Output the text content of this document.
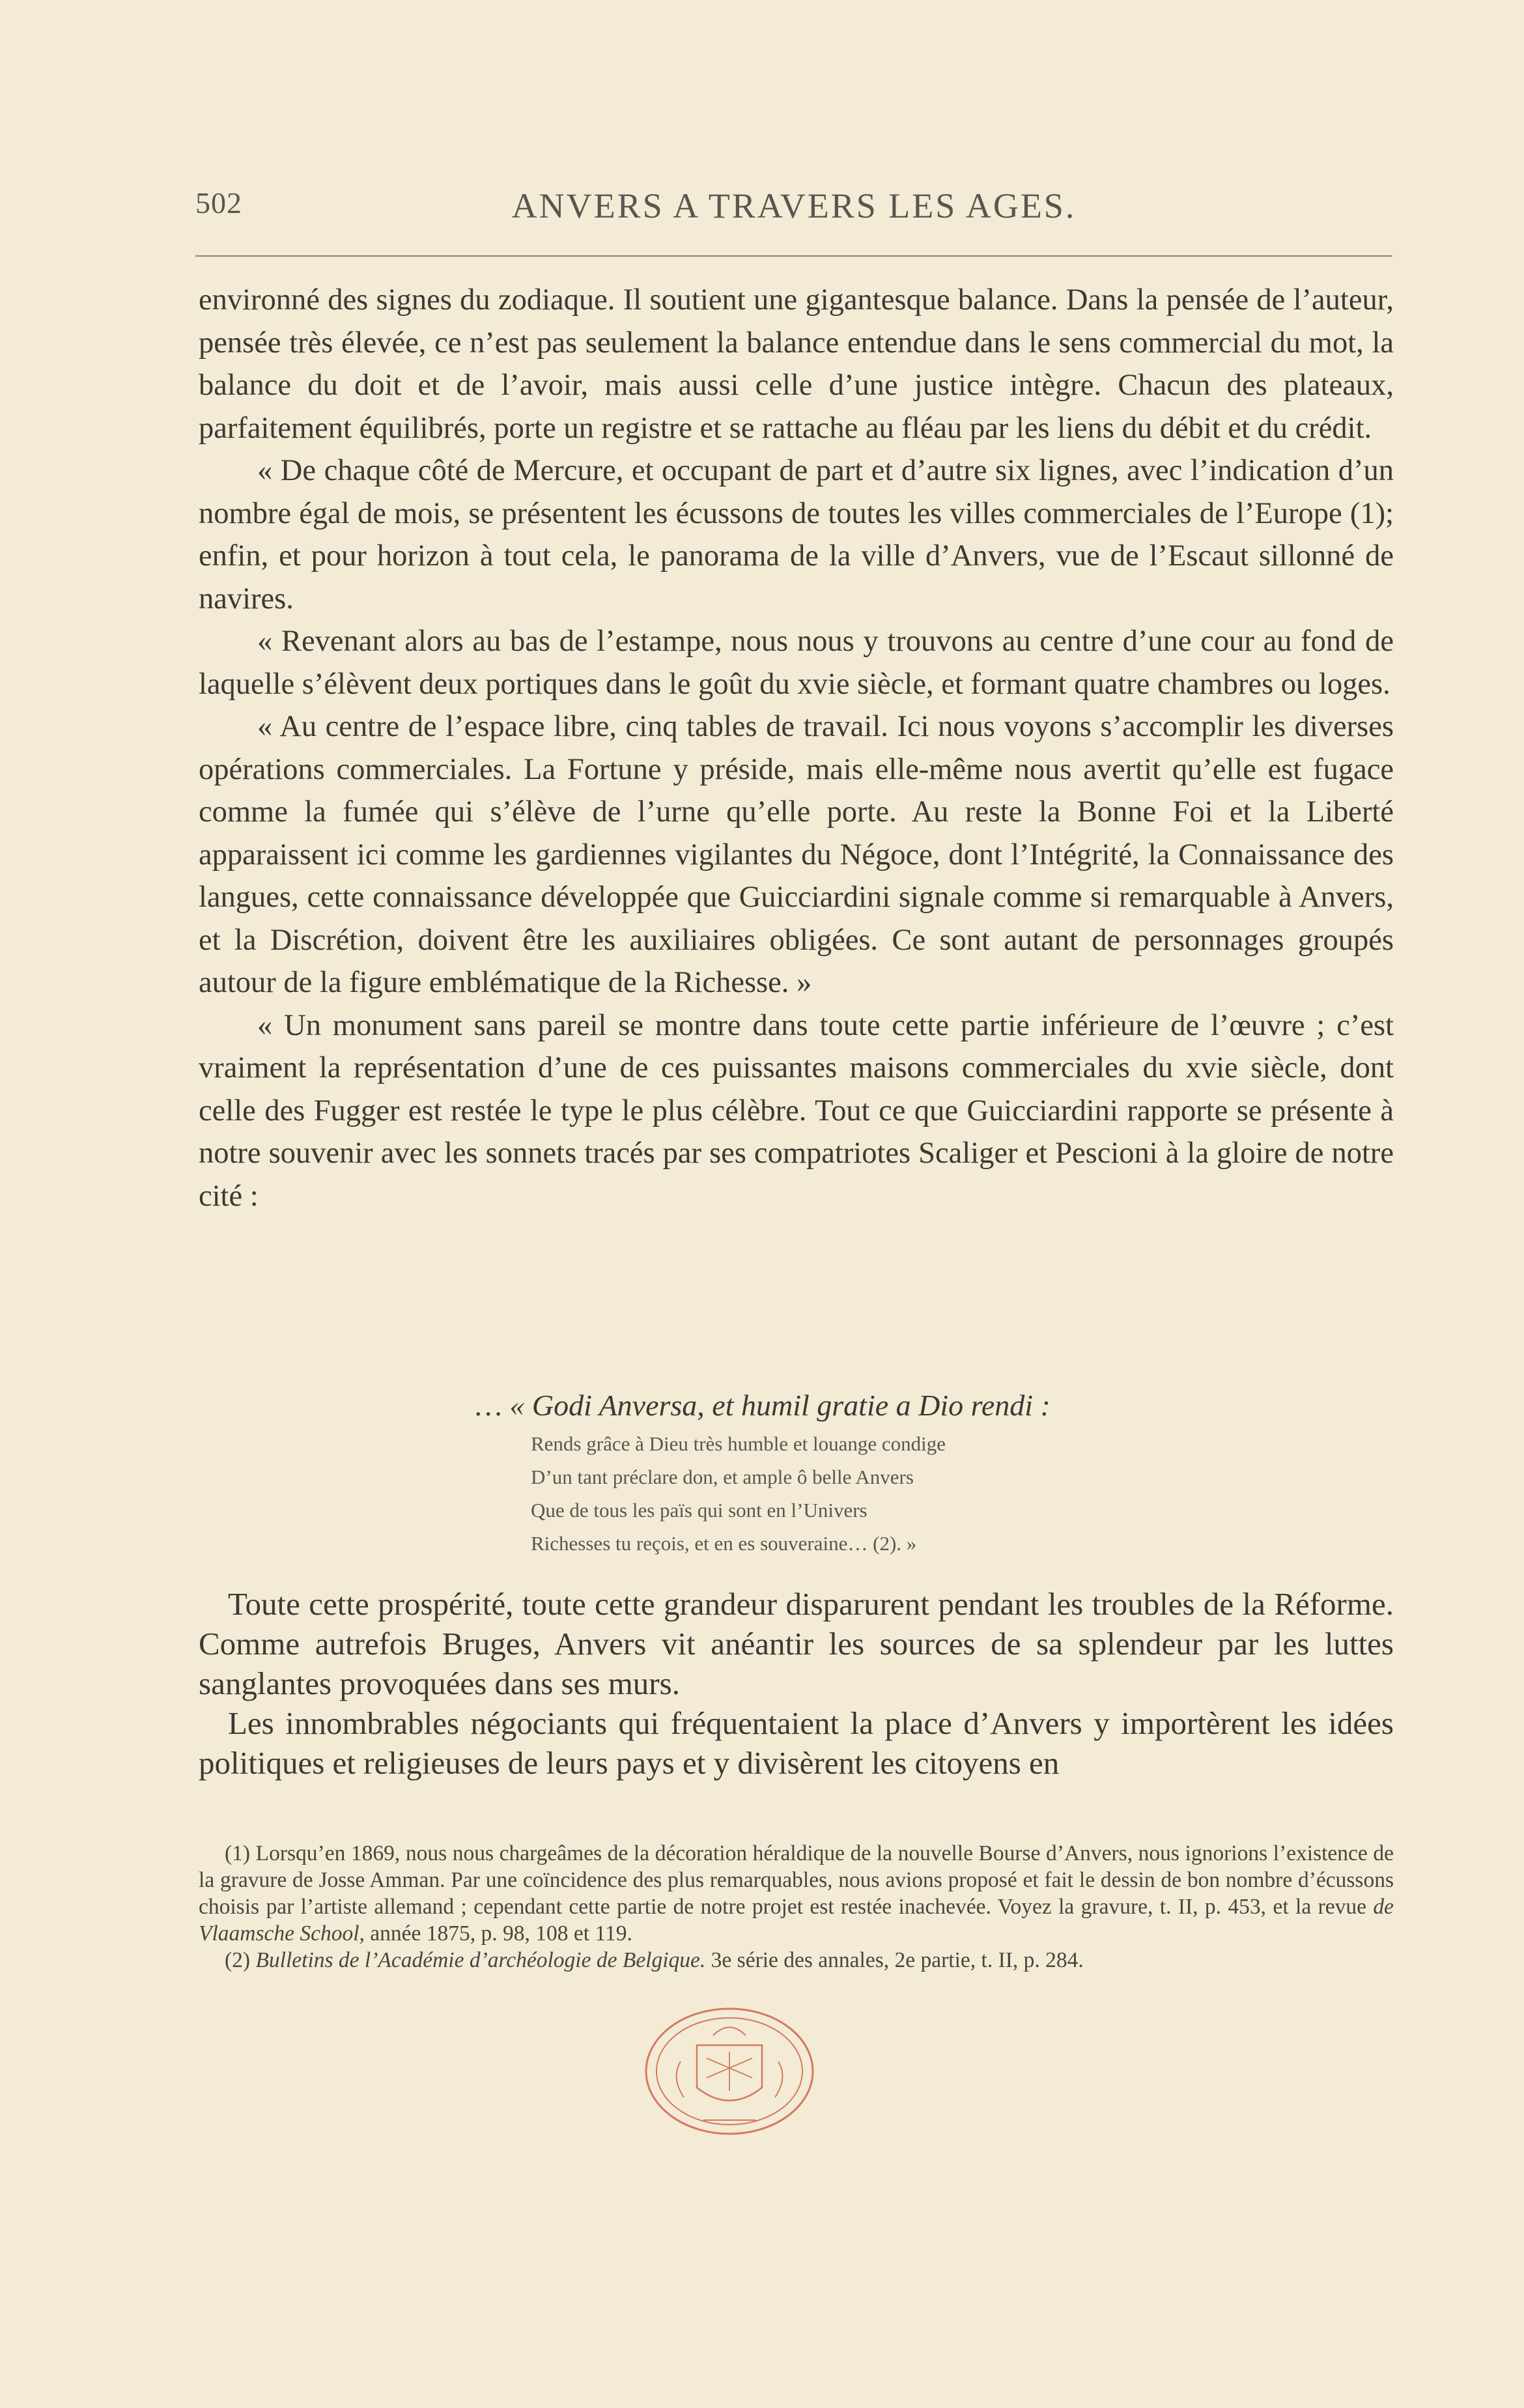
502	ANVERS A TRAVERS LES AGES.

environné des signes du zodiaque. Il soutient une gigantesque balance. Dans la pensée de l’auteur, pensée très élevée, ce n’est pas seulement la balance entendue dans le sens commercial du mot, la balance du doit et de l’avoir, mais aussi celle d’une justice intègre. Chacun des plateaux, parfaitement équilibrés, porte un registre et se rattache au fléau par les liens du débit et du crédit.

« De chaque côté de Mercure, et occupant de part et d’autre six lignes, avec l’indication d’un nombre égal de mois, se présentent les écussons de toutes les villes commerciales de l’Europe (1); enfin, et pour horizon à tout cela, le panorama de la ville d’Anvers, vue de l’Escaut sillonné de navires.

« Revenant alors au bas de l’estampe, nous nous y trouvons au centre d’une cour au fond de laquelle s’élèvent deux portiques dans le goût du xvie siècle, et formant quatre chambres ou loges.

« Au centre de l’espace libre, cinq tables de travail. Ici nous voyons s’accomplir les diverses opérations commerciales. La Fortune y préside, mais elle-même nous avertit qu’elle est fugace comme la fumée qui s’élève de l’urne qu’elle porte. Au reste la Bonne Foi et la Liberté apparaissent ici comme les gardiennes vigilantes du Négoce, dont l’Intégrité, la Connaissance des langues, cette connaissance développée que Guicciardini signale comme si remarquable à Anvers, et la Discrétion, doivent être les auxiliaires obligées. Ce sont autant de personnages groupés autour de la figure emblématique de la Richesse. »

« Un monument sans pareil se montre dans toute cette partie inférieure de l’œuvre ; c’est vraiment la représentation d’une de ces puissantes maisons commerciales du xvie siècle, dont celle des Fugger est restée le type le plus célèbre. Tout ce que Guicciardini rapporte se présente à notre souvenir avec les sonnets tracés par ses compatriotes Scaliger et Pescioni à la gloire de notre cité :

… « Godi Anversa, et humil gratie a Dio rendi :
Rends grâce à Dieu très humble et louange condige
D’un tant préclare don, et ample ô belle Anvers
Que de tous les païs qui sont en l’Univers
Richesses tu reçois, et en es souveraine… (2). »

Toute cette prospérité, toute cette grandeur disparurent pendant les troubles de la Réforme. Comme autrefois Bruges, Anvers vit anéantir les sources de sa splendeur par les luttes sanglantes provoquées dans ses murs.

Les innombrables négociants qui fréquentaient la place d’Anvers y importèrent les idées politiques et religieuses de leurs pays et y divisèrent les citoyens en

(1) Lorsqu’en 1869, nous nous chargeâmes de la décoration héraldique de la nouvelle Bourse d’Anvers, nous ignorions l’existence de la gravure de Josse Amman. Par une coïncidence des plus remarquables, nous avions proposé et fait le dessin de bon nombre d’écussons choisis par l’artiste allemand ; cependant cette partie de notre projet est restée inachevée. Voyez la gravure, t. II, p. 453, et la revue de Vlaamsche School, année 1875, p. 98, 108 et 119.

(2) Bulletins de l’Académie d’archéologie de Belgique. 3e série des annales, 2e partie, t. II, p. 284.
